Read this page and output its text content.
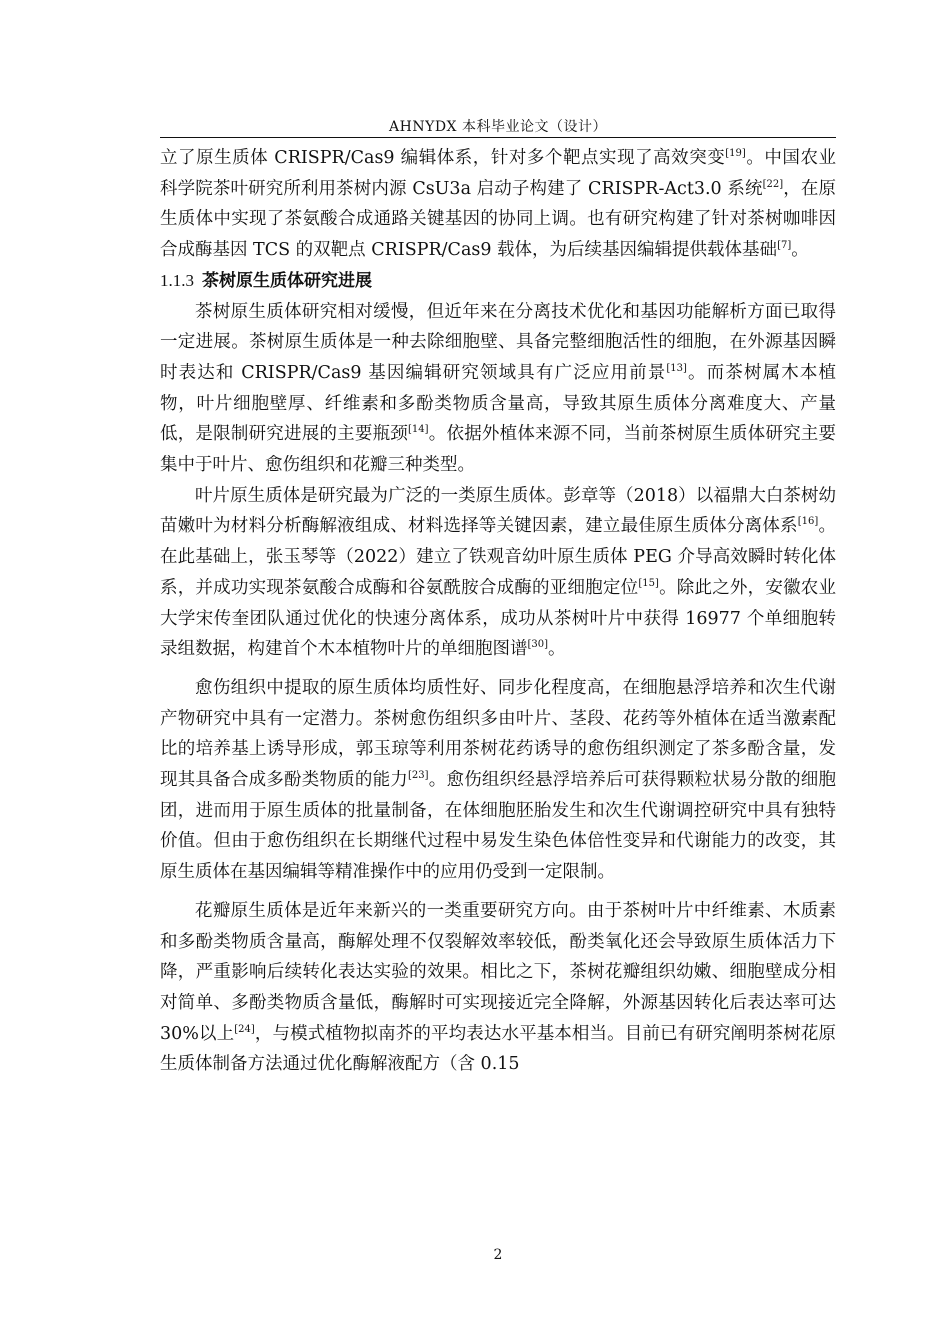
AHNYDX 本科毕业论文（设计）

立了原生质体 CRISPR/Cas9 编辑体系，针对多个靶点实现了高效突变[19]。中国农业科学院茶叶研究所利用茶树内源 CsU3a 启动子构建了 CRISPR-Act3.0 系统[22]，在原生质体中实现了茶氨酸合成通路关键基因的协同上调。也有研究构建了针对茶树咖啡因合成酶基因 TCS 的双靶点 CRISPR/Cas9 载体，为后续基因编辑提供载体基础[7]。

1.1.3 茶树原生质体研究进展

茶树原生质体研究相对缓慢，但近年来在分离技术优化和基因功能解析方面已取得一定进展。茶树原生质体是一种去除细胞壁、具备完整细胞活性的细胞，在外源基因瞬时表达和 CRISPR/Cas9 基因编辑研究领域具有广泛应用前景[13]。而茶树属木本植物，叶片细胞壁厚、纤维素和多酚类物质含量高，导致其原生质体分离难度大、产量低，是限制研究进展的主要瓶颈[14]。依据外植体来源不同，当前茶树原生质体研究主要集中于叶片、愈伤组织和花瓣三种类型。

叶片原生质体是研究最为广泛的一类原生质体。彭章等（2018）以福鼎大白茶树幼苗嫩叶为材料分析酶解液组成、材料选择等关键因素，建立最佳原生质体分离体系[16]。在此基础上，张玉琴等（2022）建立了铁观音幼叶原生质体 PEG 介导高效瞬时转化体系，并成功实现茶氨酸合成酶和谷氨酰胺合成酶的亚细胞定位[15]。除此之外，安徽农业大学宋传奎团队通过优化的快速分离体系，成功从茶树叶片中获得 16977 个单细胞转录组数据，构建首个木本植物叶片的单细胞图谱[30]。

愈伤组织中提取的原生质体均质性好、同步化程度高，在细胞悬浮培养和次生代谢产物研究中具有一定潜力。茶树愈伤组织多由叶片、茎段、花药等外植体在适当激素配比的培养基上诱导形成，郭玉琼等利用茶树花药诱导的愈伤组织测定了茶多酚含量，发现其具备合成多酚类物质的能力[23]。愈伤组织经悬浮培养后可获得颗粒状易分散的细胞团，进而用于原生质体的批量制备，在体细胞胚胎发生和次生代谢调控研究中具有独特价值。但由于愈伤组织在长期继代过程中易发生染色体倍性变异和代谢能力的改变，其原生质体在基因编辑等精准操作中的应用仍受到一定限制。

花瓣原生质体是近年来新兴的一类重要研究方向。由于茶树叶片中纤维素、木质素和多酚类物质含量高，酶解处理不仅裂解效率较低，酚类氧化还会导致原生质体活力下降，严重影响后续转化表达实验的效果。相比之下，茶树花瓣组织幼嫩、细胞壁成分相对简单、多酚类物质含量低，酶解时可实现接近完全降解，外源基因转化后表达率可达 30%以上[24]，与模式植物拟南芥的平均表达水平基本相当。目前已有研究阐明茶树花原生质体制备方法通过优化酶解液配方（含 0.15

2
